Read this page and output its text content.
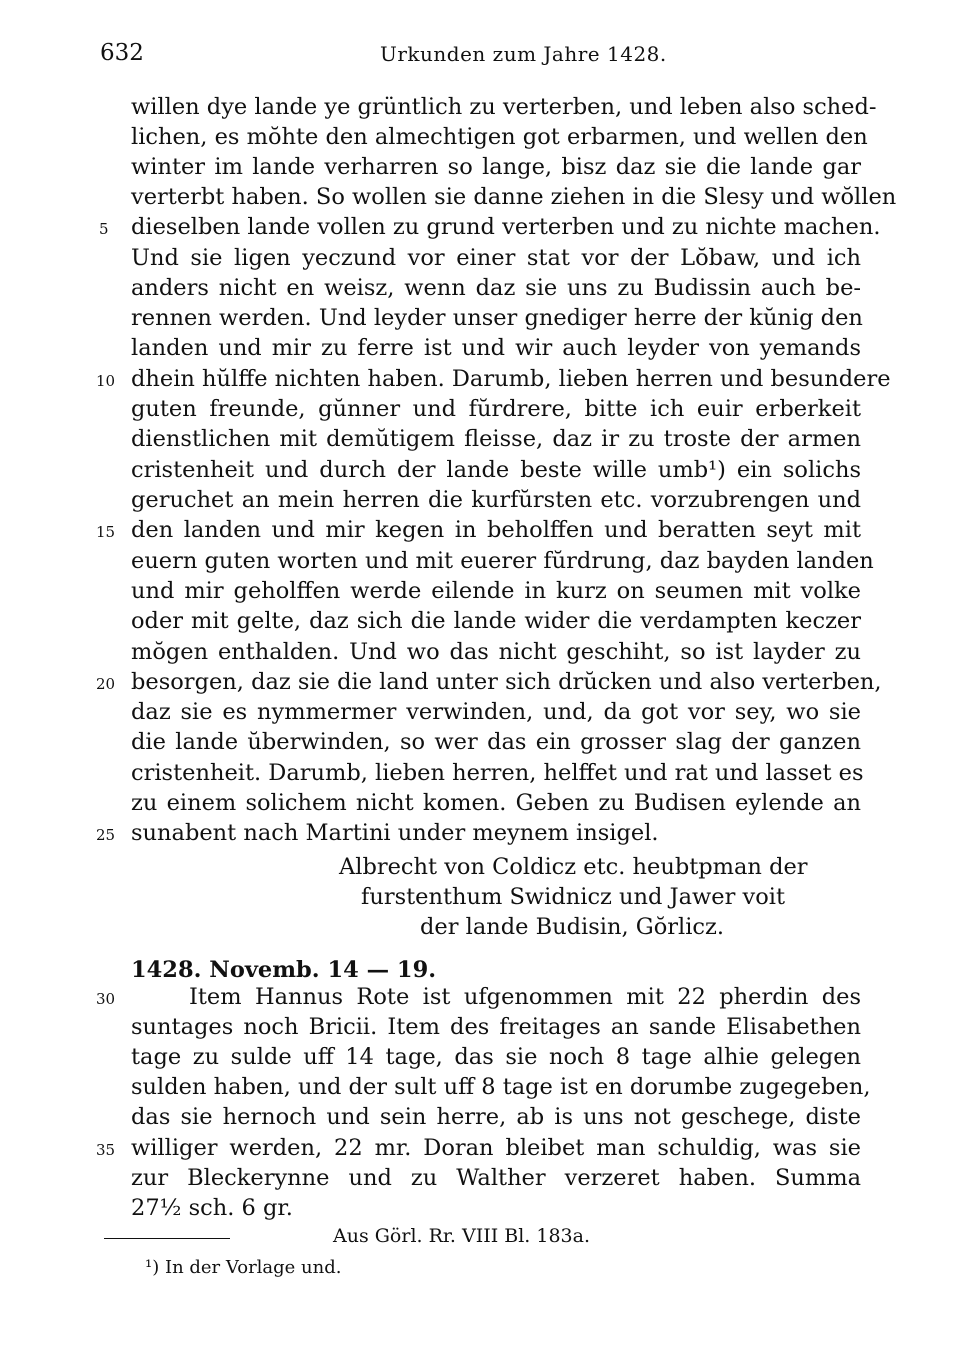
632	Urkunden zum Jahre 1428.
willen dye lande ye grüntlich zu verterben, und leben also sched-
lichen, es mŏhte den almechtigen got erbarmen, und wellen den
winter im lande verharren so lange, bisz daz sie die lande gar
verterbt haben. So wollen sie danne ziehen in die Slesy und wŏllen
dieselben lande vollen zu grund verterben und zu nichte machen.
Und sie ligen yeczund vor einer stat vor der Lŏbaw, und ich
anders nicht en weisz, wenn daz sie uns zu Budissin auch be-
rennen werden. Und leyder unser gnediger herre der kŭnig den
landen und mir zu ferre ist und wir auch leyder von yemands
dhein hŭlffe nichten haben. Darumb, lieben herren und besundere
guten freunde, gŭnner und fŭrdrere, bitte ich euir erberkeit
dienstlichen mit demŭtigem fleisse, daz ir zu troste der armen
cristenheit und durch der lande beste wille umb¹) ein solichs
geruchet an mein herren die kurfŭrsten etc. vorzubrengen und
den landen und mir kegen in beholffen und beratten seyt mit
euern guten worten und mit euerer fŭrdrung, daz bayden landen
und mir geholffen werde eilende in kurz on seumen mit volke
oder mit gelte, daz sich die lande wider die verdampten keczer
mŏgen enthalden. Und wo das nicht geschiht, so ist layder zu
besorgen, daz sie die land unter sich drŭcken und also verterben,
daz sie es nymmermer verwinden, und, da got vor sey, wo sie
die lande ŭberwinden, so wer das ein grosser slag der ganzen
cristenheit. Darumb, lieben herren, helffet und rat und lasset es
zu einem solichem nicht komen. Geben zu Budisen eylende an
sunabent nach Martini under meynem insigel.
Albrecht von Coldicz etc. heubtpman der
furstenthum Swidnicz und Jawer voit
der lande Budisin, Gŏrlicz.
1428. Novemb. 14 — 19.
Item Hannus Rote ist ufgenommen mit 22 pherdin des
suntages noch Bricii. Item des freitages an sande Elisabethen
tage zu sulde uff 14 tage, das sie noch 8 tage alhie gelegen
sulden haben, und der sult uff 8 tage ist en dorumbe zugegeben,
das sie hernoch und sein herre, ab is uns not geschege, diste
williger werden, 22 mr. Doran bleibet man schuldig, was sie
zur Bleckerynne und zu Walther verzeret haben. Summa
27½ sch. 6 gr.
Aus Görl. Rr. VIII Bl. 183a.
¹) In der Vorlage und.
5
10
15
20
25
30
35
